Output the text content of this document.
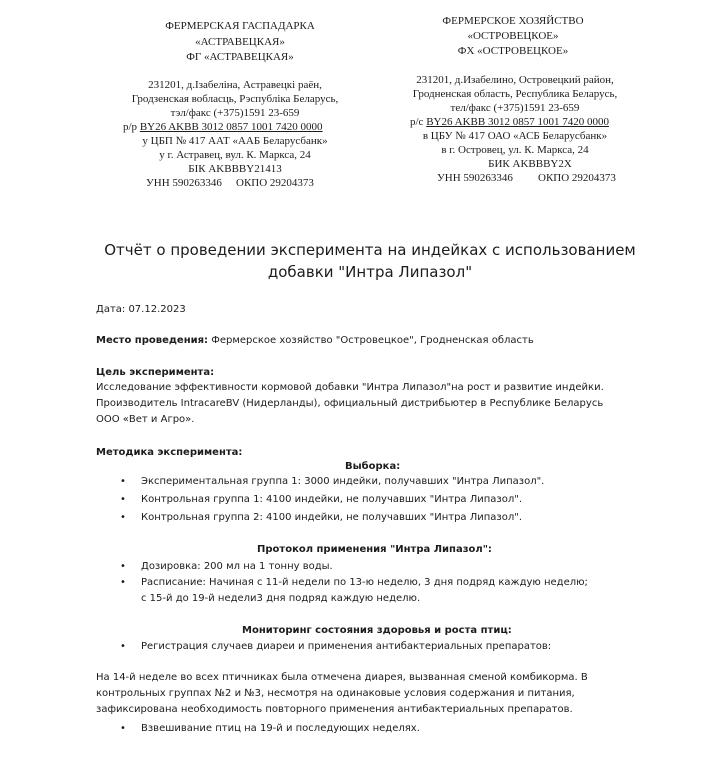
ФЕРМЕРСКАЯ ГАСПАДАРКА
«АСТРАВЕЦКАЯ»
ФГ «АСТРАВЕЦКАЯ»
231201, д.Ізабеліна, Астравецкі раён,
Гродзенская вобласць, Рэспубліка Беларусь,
тэл/факс (+375)1591 23-659
р/р BY26 AKBB 3012 0857 1001 7420 0000
у ЦБП № 417 ААТ «ААБ Беларусбанк»
у г. Астравец, вул. К. Маркса, 24
БІК AKBBBY21413
УНН 590263346 ОКПО 29204373
ФЕРМЕРСКОЕ ХОЗЯЙСТВО
«ОСТРОВЕЦКОЕ»
ФХ «ОСТРОВЕЦКОЕ»
231201, д.Изабелино, Островецкий район,
Гродненская область, Республика Беларусь,
тел/факс (+375)1591 23-659
р/с BY26 AKBB 3012 0857 1001 7420 0000
в ЦБУ № 417 ОАО «АСБ Беларусбанк»
в г. Островец, ул. К. Маркса, 24
БИК AKBBBY2X
УНН 590263346 ОКПО 29204373
Отчёт о проведении эксперимента на индейках с использованием
добавки "Интра Липазол"
Дата: 07.12.2023
Место проведения: Фермерское хозяйство "Островецкое", Гродненская область
Цель эксперимента:
Исследование эффективности кормовой добавки "Интра Липазол"на рост и развитие индейки.
Производитель IntracareBV (Нидерланды), официальный дистрибьютер в Республике Беларусь
ООО «Вет и Агро».
Методика эксперимента:
Выборка:
• Экспериментальная группа 1: 3000 индейки, получавших "Интра Липазол".
• Контрольная группа 1: 4100 индейки, не получавших "Интра Липазол".
• Контрольная группа 2: 4100 индейки, не получавших "Интра Липазол".
Протокол применения "Интра Липазол":
• Дозировка: 200 мл на 1 тонну воды.
• Расписание: Начиная с 11-й недели по 13-ю неделю, 3 дня подряд каждую неделю;
с 15-й до 19-й недели3 дня подряд каждую неделю.
Мониторинг состояния здоровья и роста птиц:
• Регистрация случаев диареи и применения антибактериальных препаратов:
На 14-й неделе во всех птичниках была отмечена диарея, вызванная сменой комбикорма. В
контрольных группах №2 и №3, несмотря на одинаковые условия содержания и питания,
зафиксирована необходимость повторного применения антибактериальных препаратов.
• Взвешивание птиц на 19-й и последующих неделях.
